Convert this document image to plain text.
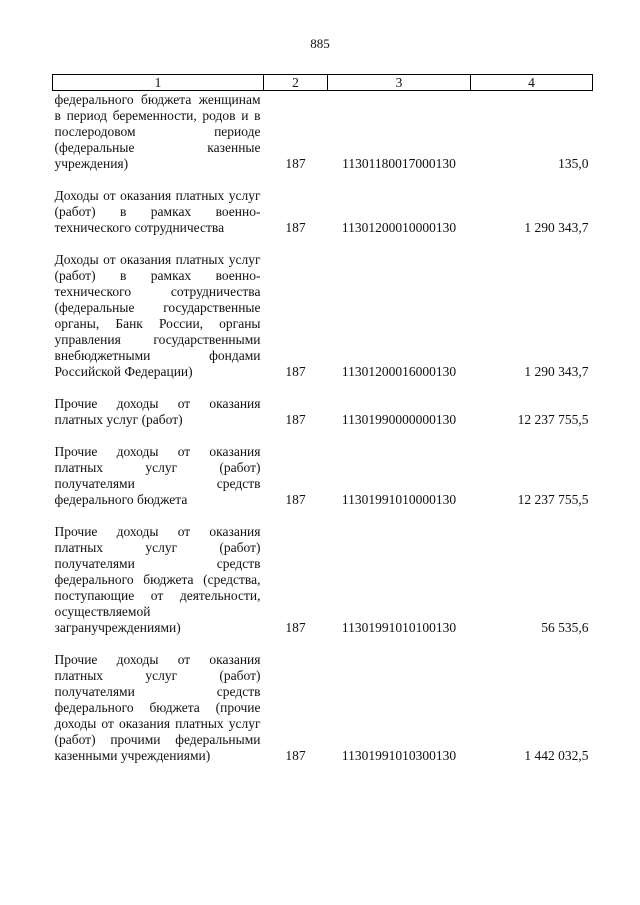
885
1	2	3	4
федерального бюджета женщинам в период беременности, родов и в послеродовом периоде (федеральные казенные учреждения)	187	11301180017000130	135,0

Доходы от оказания платных услуг (работ) в рамках военно-технического сотрудничества	187	11301200010000130	1 290 343,7

Доходы от оказания платных услуг (работ) в рамках военно-технического сотрудничества (федеральные государственные органы, Банк России, органы управления государственными внебюджетными фондами Российской Федерации)	187	11301200016000130	1 290 343,7

Прочие доходы от оказания платных услуг (работ)	187	11301990000000130	12 237 755,5

Прочие доходы от оказания платных услуг (работ) получателями средств федерального бюджета	187	11301991010000130	12 237 755,5

Прочие доходы от оказания платных услуг (работ) получателями средств федерального бюджета (средства, поступающие от деятельности, осуществляемой загранучреждениями)	187	11301991010100130	56 535,6

Прочие доходы от оказания платных услуг (работ) получателями средств федерального бюджета (прочие доходы от оказания платных услуг (работ) прочими федеральными казенными учреждениями)	187	11301991010300130	1 442 032,5
